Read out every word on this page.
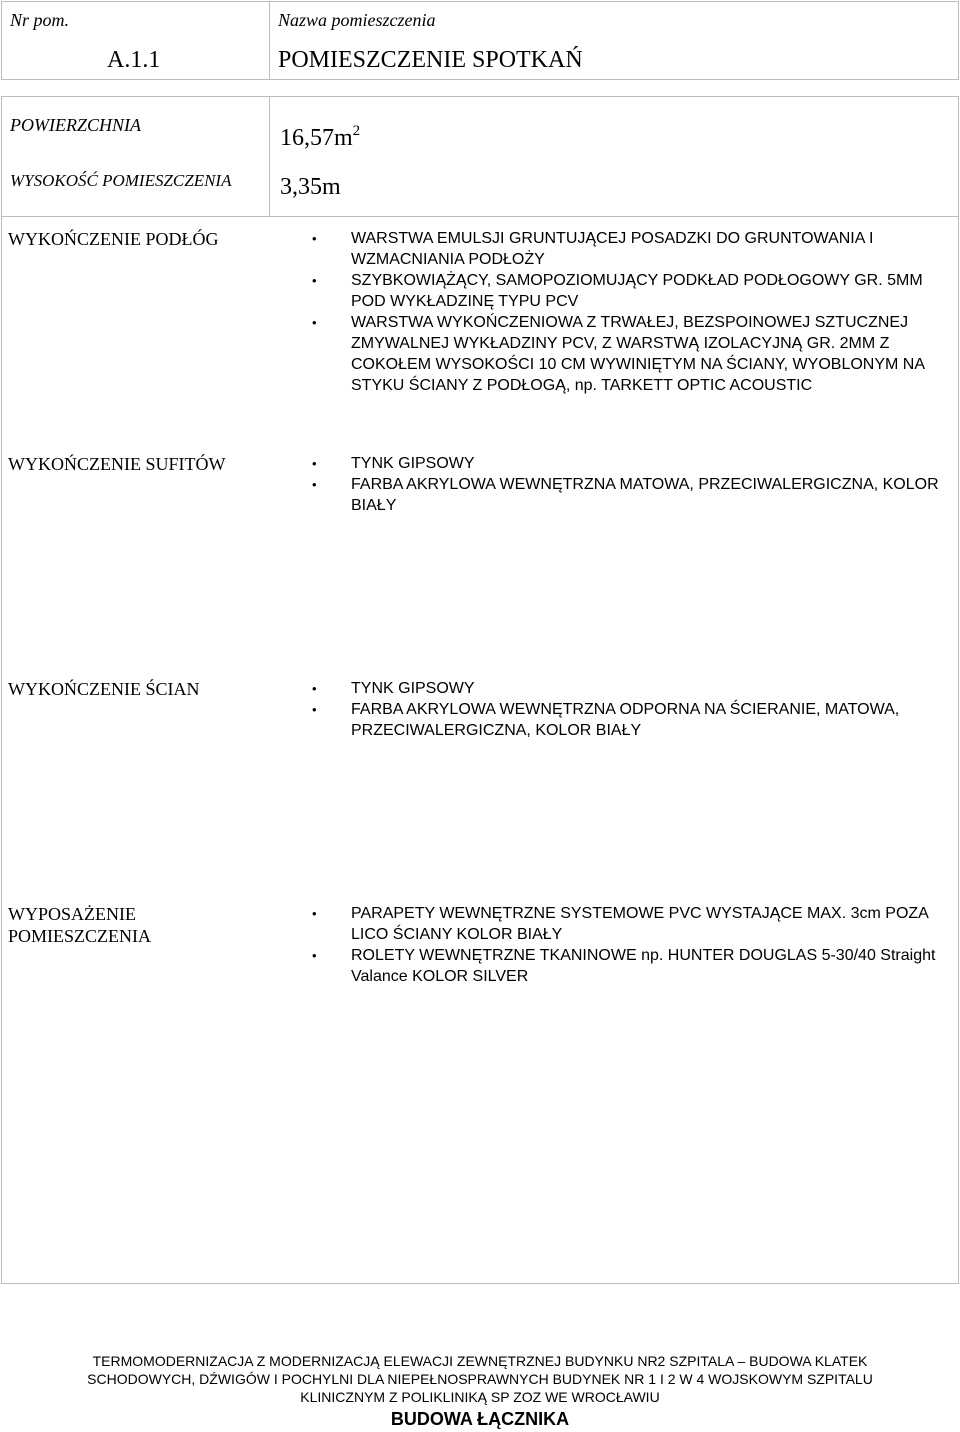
Nr pom.	Nazwa pomieszczenia
A.1.1	POMIESZCZENIE SPOTKAŃ
POWIERZCHNIA	$16,57m^2$
WYSOKOŚĆ POMIESZCZENIA 3,35m
WYKOŃCZENIE PODŁÓG	• WARSTWA EMULSJI GRUNTUJĄCEJ POSADZKI DO GRUNTOWANIA I WZMACNIANIA PODŁOŻY
• SZYBKOWIĄŻĄCY, SAMOPOZIOMUJĄCY PODKŁAD PODŁOGOWY GR. 5MM POD WYKŁADZINĘ TYPU PCV
• WARSTWA WYKOŃCZENIOWA Z TRWAŁEJ, BEZSPOINOWEJ SZTUCZNEJ ZMYWALNEJ WYKŁADZINY PCV, Z WARSTWĄ IZOLACYJNĄ GR. 2MM Z COKOŁEM WYSOKOŚCI 10 CM WYWINIĘTYM NA ŚCIANY, WYOBLONYM NA STYKU ŚCIANY Z PODŁOGĄ, np. TARKETT OPTIC ACOUSTIC
WYKOŃCZENIE SUFITÓW	• TYNK GIPSOWY
• FARBA AKRYLOWA WEWNĘTRZNA MATOWA, PRZECIWALERGICZNA, KOLOR BIAŁY
WYKOŃCZENIE ŚCIAN	• TYNK GIPSOWY
• FARBA AKRYLOWA WEWNĘTRZNA ODPORNA NA ŚCIERANIE, MATOWA, PRZECIWALERGICZNA, KOLOR BIAŁY
WYPOSAŻENIE POMIESZCZENIA
• PARAPETY WEWNĘTRZNE SYSTEMOWE PVC WYSTAJĄCE MAX. 3cm POZA LICO ŚCIANY KOLOR BIAŁY
• ROLETY WEWNĘTRZNE TKANINOWE np. HUNTER DOUGLAS 5-30/40 Straight Valance KOLOR SILVER
TERMOMODERNIZACJA Z MODERNIZACJĄ ELEWACJI ZEWNĘTRZNEJ BUDYNKU NR2 SZPITALA – BUDOWA KLATEK
SCHODOWYCH, DŹWIGÓW I POCHYLNI DLA NIEPEŁNOSPRAWNYCH BUDYNEK NR 1 I 2 W 4 WOJSKOWYM SZPITALU
KLINICZNYM Z POLIKLINIKĄ SP ZOZ WE WROCŁAWIU
BUDOWA ŁĄCZNIKA
